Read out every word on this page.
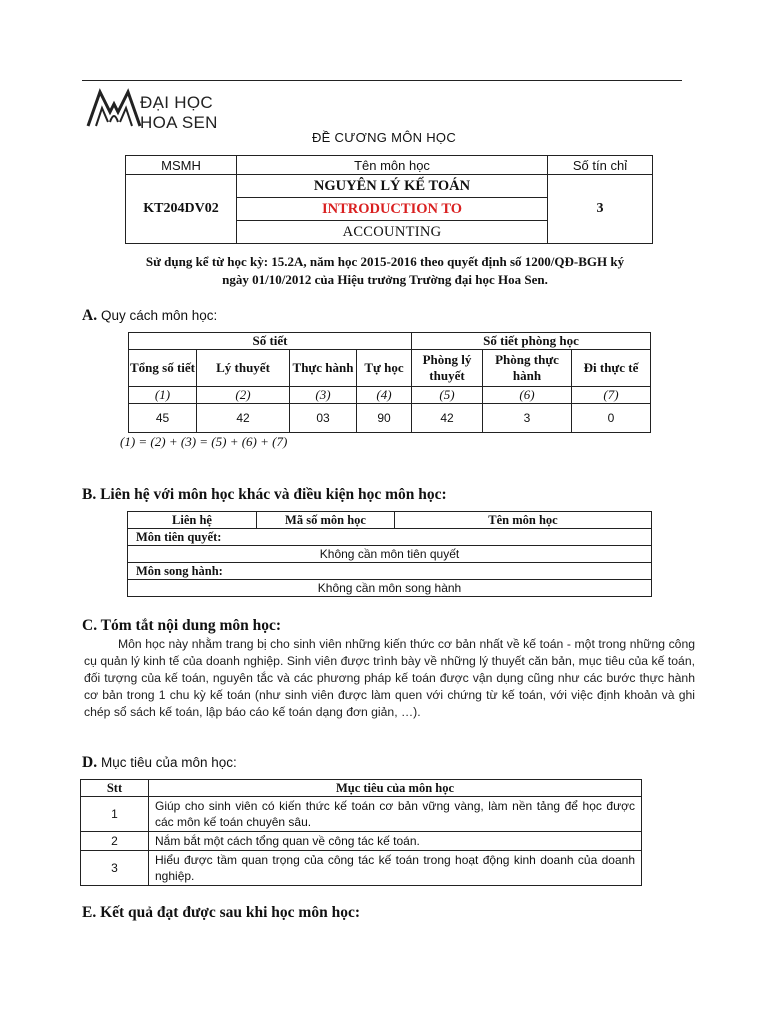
ĐẠI HỌC
HOA SEN
ĐỀ CƯƠNG MÔN HỌC
MSMH	Tên môn học	Số tín chỉ
KT204DV02	NGUYÊN LÝ KẾ TOÁN	3
	INTRODUCTION TO	
	ACCOUNTING	
Sử dụng kể từ học kỳ: 15.2A, năm học 2015-2016 theo quyết định số 1200/QĐ-BGH ký
ngày 01/10/2012 của Hiệu trưởng Trường đại học Hoa Sen.
A. Quy cách môn học:
Số tiết				Số tiết phòng học		
Tổng số tiết	Lý thuyết	Thực hành	Tự học	Phòng lý thuyết	Phòng thực hành	Đi thực tế
(1)	(2)	(3)	(4)	(5)	(6)	(7)
45	42	03	90	42	3	0
(1) = (2) + (3) = (5) + (6) + (7)
B. Liên hệ với môn học khác và điều kiện học môn học:
Liên hệ	Mã số môn học	Tên môn học
Môn tiên quyết:
Không cần môn tiên quyết
Môn song hành:
Không cần môn song hành
C. Tóm tắt nội dung môn học:
Môn học này nhằm trang bị cho sinh viên những kiến thức cơ bản nhất về kế toán - một trong những công cụ quản lý kinh tế của doanh nghiệp. Sinh viên được trình bày về những lý thuyết căn bản, mục tiêu của kế toán, đối tượng của kế toán, nguyên tắc và các phương pháp kế toán được vận dụng cũng như các bước thực hành cơ bản trong 1 chu kỳ kế toán (như sinh viên được làm quen với chứng từ kế toán, với việc định khoản và ghi chép sổ sách kế toán, lập báo cáo kế toán dạng đơn giản, …).
D. Mục tiêu của môn học:
Stt	Mục tiêu của môn học
1	Giúp cho sinh viên có kiến thức kế toán cơ bản vững vàng, làm nền tảng để học được các môn kế toán chuyên sâu.
2	Nắm bắt một cách tổng quan về công tác kế toán.
3	Hiểu được tầm quan trọng của công tác kế toán trong hoạt động kinh doanh của doanh nghiệp.
E. Kết quả đạt được sau khi học môn học:
